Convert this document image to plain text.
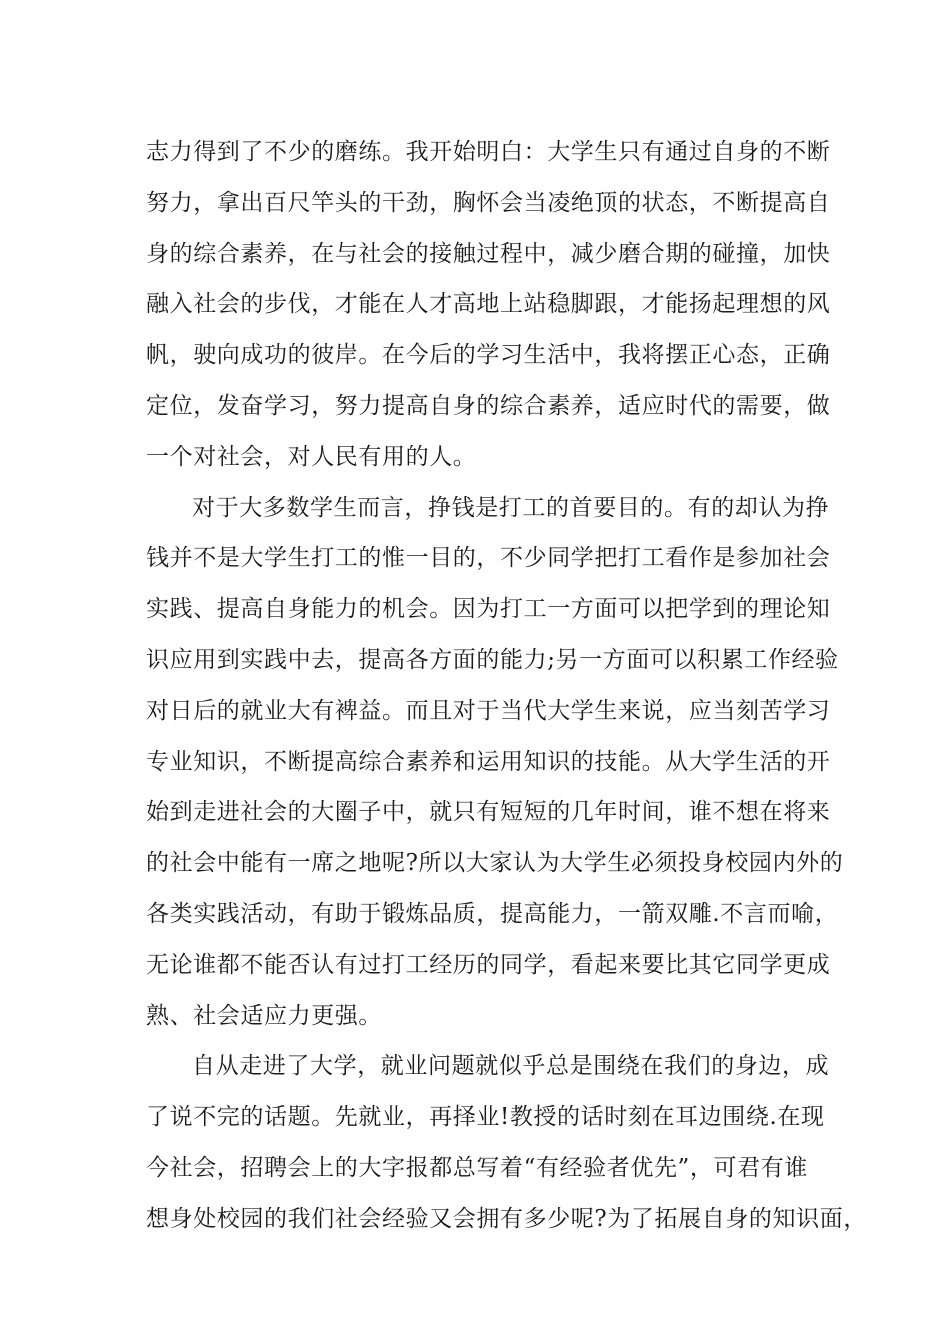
志力得到了不少的磨练。我开始明白：大学生只有通过自身的不断
努力，拿出百尺竿头的干劲，胸怀会当凌绝顶的状态，不断提高自
身的综合素养，在与社会的接触过程中，减少磨合期的碰撞，加快
融入社会的步伐，才能在人才高地上站稳脚跟，才能扬起理想的风
帆，驶向成功的彼岸。在今后的学习生活中，我将摆正心态，正确
定位，发奋学习，努力提高自身的综合素养，适应时代的需要，做
一个对社会，对人民有用的人。
对于大多数学生而言，挣钱是打工的首要目的。有的却认为挣
钱并不是大学生打工的惟一目的，不少同学把打工看作是参加社会
实践、提高自身能力的机会。因为打工一方面可以把学到的理论知
识应用到实践中去，提高各方面的能力;另一方面可以积累工作经验
对日后的就业大有裨益。而且对于当代大学生来说，应当刻苦学习
专业知识，不断提高综合素养和运用知识的技能。从大学生活的开
始到走进社会的大圈子中，就只有短短的几年时间，谁不想在将来
的社会中能有一席之地呢?所以大家认为大学生必须投身校园内外的
各类实践活动，有助于锻炼品质，提高能力，一箭双雕.不言而喻，
无论谁都不能否认有过打工经历的同学，看起来要比其它同学更成
熟、社会适应力更强。
自从走进了大学，就业问题就似乎总是围绕在我们的身边，成
了说不完的话题。先就业，再择业!教授的话时刻在耳边围绕.在现
今社会，招聘会上的大字报都总写着“有经验者优先”，可君有谁
想身处校园的我们社会经验又会拥有多少呢?为了拓展自身的知识面，
